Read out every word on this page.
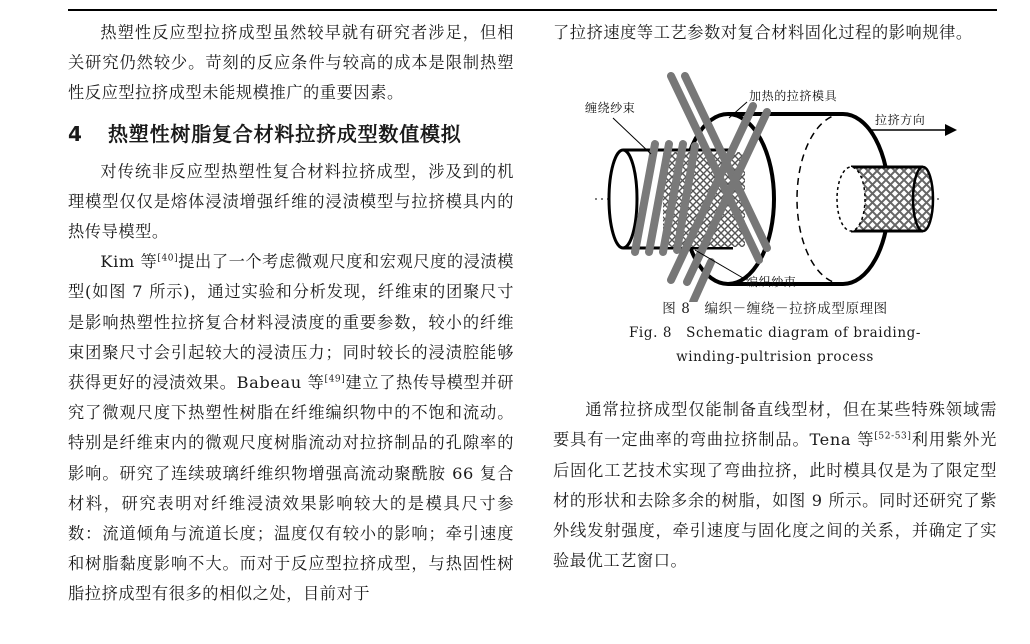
热塑性反应型拉挤成型虽然较早就有研究者涉足，但相关研究仍然较少。苛刻的反应条件与较高的成本是限制热塑性反应型拉挤成型未能规模推广的重要因素。

4 热塑性树脂复合材料拉挤成型数值模拟

对传统非反应型热塑性复合材料拉挤成型，涉及到的机理模型仅仅是熔体浸渍增强纤维的浸渍模型与拉挤模具内的热传导模型。

Kim 等[40]提出了一个考虑微观尺度和宏观尺度的浸渍模型(如图 7 所示)，通过实验和分析发现，纤维束的团聚尺寸是影响热塑性拉挤复合材料浸渍度的重要参数，较小的纤维束团聚尺寸会引起较大的浸渍压力；同时较长的浸渍腔能够获得更好的浸渍效果。Babeau 等[49]建立了热传导模型并研究了微观尺度下热塑性树脂在纤维编织物中的不饱和流动。特别是纤维束内的微观尺度树脂流动对拉挤制品的孔隙率的影响。研究了连续玻璃纤维织物增强高流动聚酰胺 66 复合材料，研究表明对纤维浸渍效果影响较大的是模具尺寸参数：流道倾角与流道长度；温度仅有较小的影响；牵引速度和树脂黏度影响不大。而对于反应型拉挤成型，与热固性树脂拉挤成型有很多的相似之处，目前对于

了拉挤速度等工艺参数对复合材料固化过程的影响规律。

缠绕纱束
加热的拉挤模具
拉挤方向
编织纱束
图 8　编织－缠绕－拉挤成型原理图
Fig. 8　Schematic diagram of braiding-
winding-pultrision process

通常拉挤成型仅能制备直线型材，但在某些特殊领域需要具有一定曲率的弯曲拉挤制品。Tena 等[52-53]利用紫外光后固化工艺技术实现了弯曲拉挤，此时模具仅是为了限定型材的形状和去除多余的树脂，如图 9 所示。同时还研究了紫外线发射强度，牵引速度与固化度之间的关系，并确定了实验最优工艺窗口。
